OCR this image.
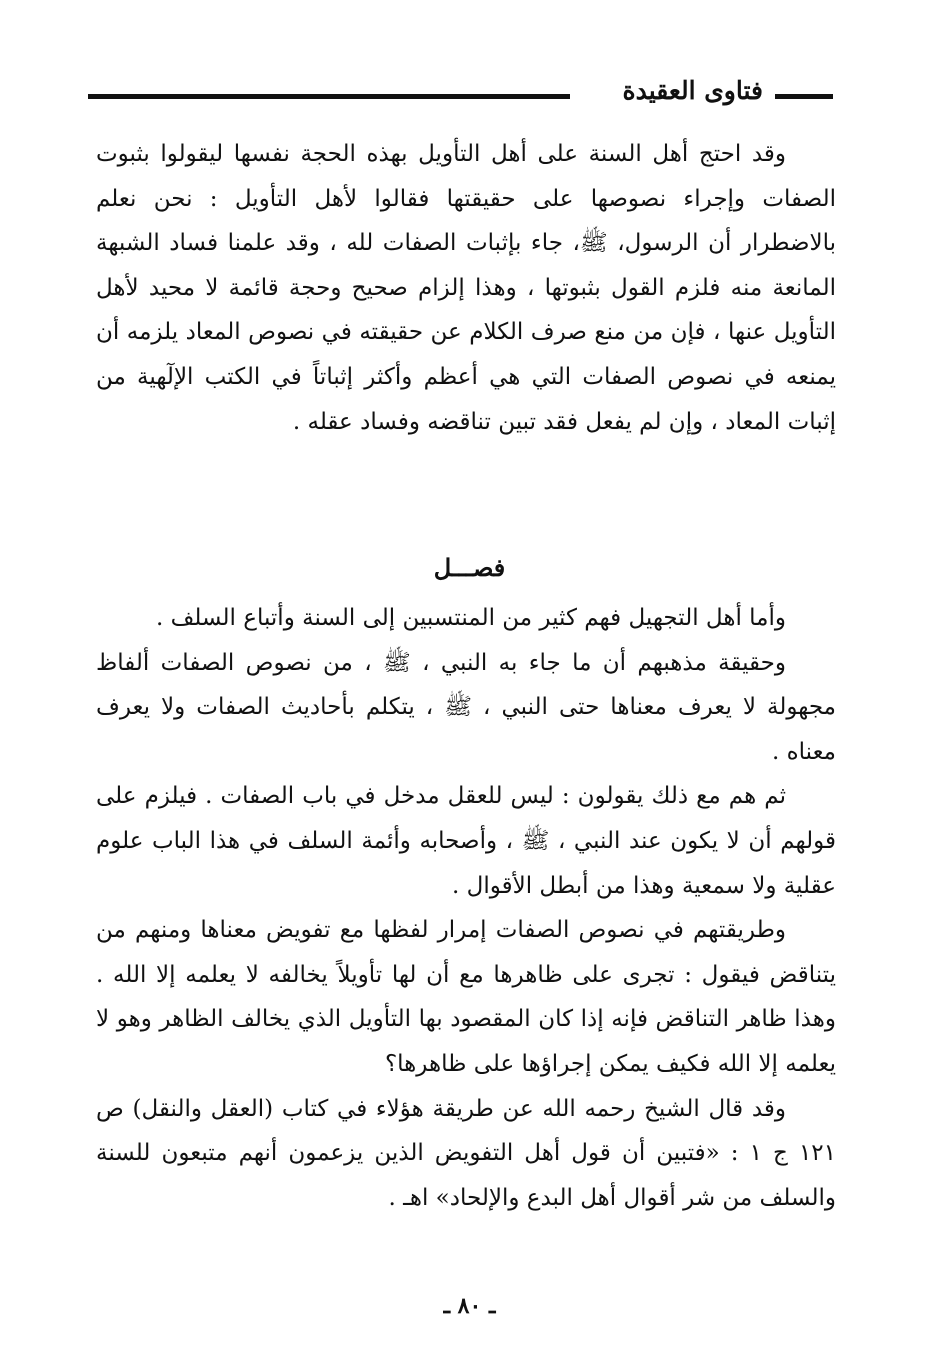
فتاوى العقيدة

وقد احتج أهل السنة على أهل التأويل بهذه الحجة نفسها ليقولوا بثبوت الصفات وإجراء نصوصها على حقيقتها فقالوا لأهل التأويل : نحن نعلم بالاضطرار أن الرسول، ﷺ، جاء بإثبات الصفات لله ، وقد علمنا فساد الشبهة المانعة منه فلزم القول بثبوتها ، وهذا إلزام صحيح وحجة قائمة لا محيد لأهل التأويل عنها ، فإن من منع صرف الكلام عن حقيقته في نصوص المعاد يلزمه أن يمنعه في نصوص الصفات التي هي أعظم وأكثر إثباتاً في الكتب الإلٓهية من إثبات المعاد ، وإن لم يفعل فقد تبين تناقضه وفساد عقله .

فصـــل

وأما أهل التجهيل فهم كثير من المنتسبين إلى السنة وأتباع السلف .

وحقيقة مذهبهم أن ما جاء به النبي ، ﷺ ، من نصوص الصفات ألفاظ مجهولة لا يعرف معناها حتى النبي ، ﷺ ، يتكلم بأحاديث الصفات ولا يعرف معناه .

ثم هم مع ذلك يقولون : ليس للعقل مدخل في باب الصفات . فيلزم على قولهم أن لا يكون عند النبي ، ﷺ ، وأصحابه وأئمة السلف في هذا الباب علوم عقلية ولا سمعية وهذا من أبطل الأقوال .

وطريقتهم في نصوص الصفات إمرار لفظها مع تفويض معناها ومنهم من يتناقض فيقول : تجرى على ظاهرها مع أن لها تأويلاً يخالفه لا يعلمه إلا الله . وهذا ظاهر التناقض فإنه إذا كان المقصود بها التأويل الذي يخالف الظاهر وهو لا يعلمه إلا الله فكيف يمكن إجراؤها على ظاهرها؟

وقد قال الشيخ رحمه الله عن طريقة هؤلاء في كتاب (العقل والنقل) ص ١٢١ ج ١ : «فتبين أن قول أهل التفويض الذين يزعمون أنهم متبعون للسنة والسلف من شر أقوال أهل البدع والإلحاد» اهـ .

ـ ٨٠ ـ
